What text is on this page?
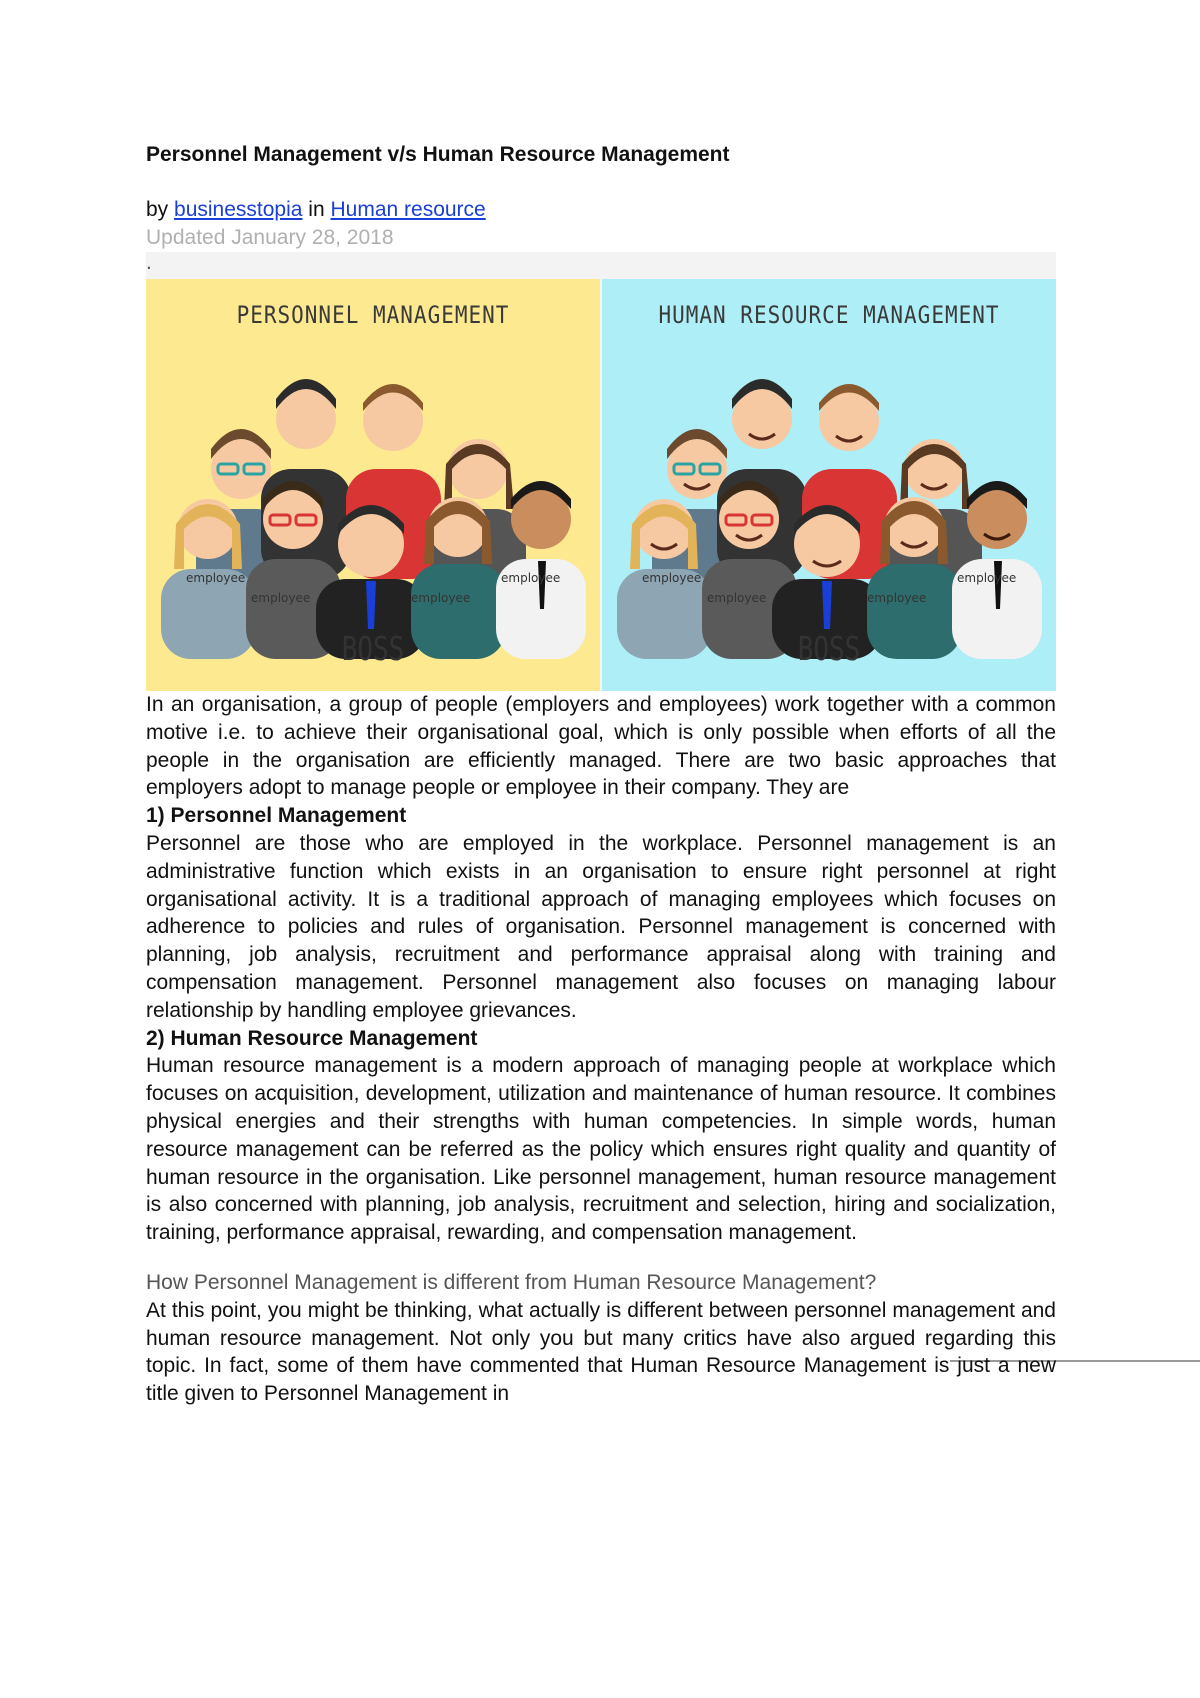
Personnel Management v/s Human Resource Management

by businesstopia in Human resource

Updated January 28, 2018

.

PERSONNEL MANAGEMENT
employee
employee	employee
employee
BOSS
HUMAN RESOURCE MANAGEMENT
employee
employee	employee
employee
BOSS

In an organisation, a group of people (employers and employees) work together with a common motive i.e. to achieve their organisational goal, which is only possible when efforts of all the people in the organisation are efficiently managed. There are two basic approaches that employers adopt to manage people or employee in their company. They are

1) Personnel Management

Personnel are those who are employed in the workplace. Personnel management is an administrative function which exists in an organisation to ensure right personnel at right organisational activity. It is a traditional approach of managing employees which focuses on adherence to policies and rules of organisation. Personnel management is concerned with planning, job analysis, recruitment and performance appraisal along with training and compensation management. Personnel management also focuses on managing labour relationship by handling employee grievances.

2) Human Resource Management

Human resource management is a modern approach of managing people at workplace which focuses on acquisition, development, utilization and maintenance of human resource. It combines physical energies and their strengths with human competencies. In simple words, human resource management can be referred as the policy which ensures right quality and quantity of human resource in the organisation. Like personnel management, human resource management is also concerned with planning, job analysis, recruitment and selection, hiring and socialization, training, performance appraisal, rewarding, and compensation management.

How Personnel Management is different from Human Resource Management?

At this point, you might be thinking, what actually is different between personnel management and human resource management. Not only you but many critics have also argued regarding this topic. In fact, some of them have commented that Human Resource Management is just a new title given to Personnel Management in
